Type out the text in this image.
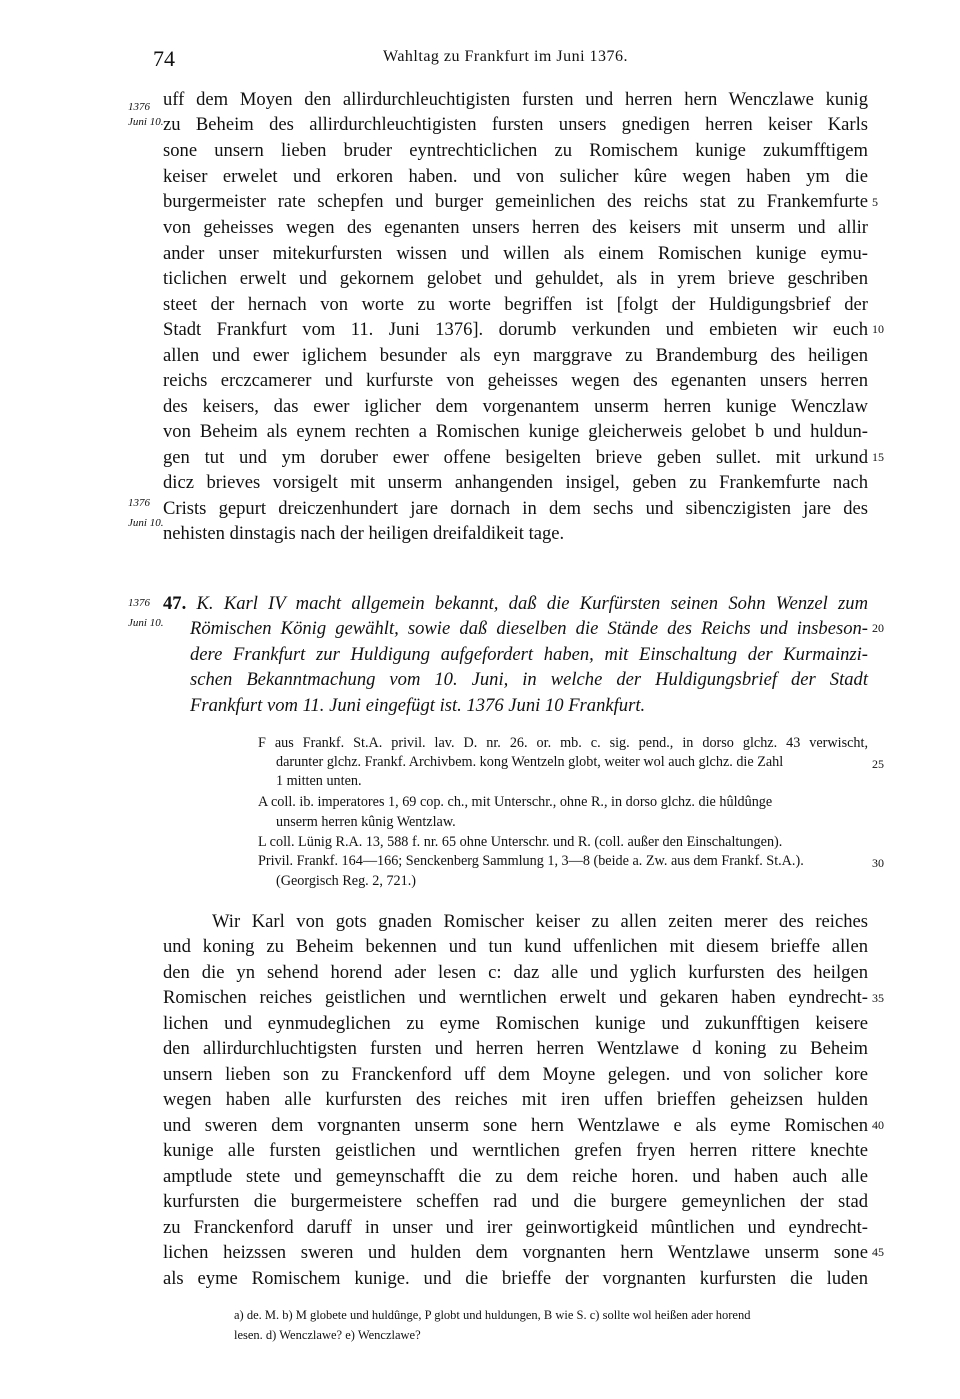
74	Wahltag zu Frankfurt im Juni 1376.
uff dem Moyen den allirdurchleuchtigisten fursten und herren hern Wenczlawe kunig
zu Beheim des allirdurchleuchtigisten fursten unsers gnedigen herren keiser Karls
sone unsern lieben bruder eyntrechticlichen zu Romischem kunige zukumfftigem
keiser erwelet und erkoren haben. und von sulicher kûre wegen haben ym die
burgermeister rate schepfen und burger gemeinlichen des reichs stat zu Frankemfurte
von geheisses wegen des egenanten unsers herren des keisers mit unserm und allir
ander unser mitekurfursten wissen und willen als einem Romischen kunige eymu-
ticlichen erwelt und gekornem gelobet und gehuldet, als in yrem brieve geschriben
steet der hernach von worte zu worte begriffen ist [folgt der Huldigungsbrief der
Stadt Frankfurt vom 11. Juni 1376]. dorumb verkunden und embieten wir euch
allen und ewer iglichem besunder als eyn marggrave zu Brandemburg des heiligen
reichs erczcamerer und kurfurste von geheisses wegen des egenanten unsers herren
des keisers, das ewer iglicher dem vorgenantem unserm herren kunige Wenczlaw
von Beheim als eynem rechten a Romischen kunige gleicherweis gelobet b und huldun-
gen tut und ym doruber ewer offene besigelten brieve geben sullet. mit urkund
dicz brieves vorsigelt mit unserm anhangenden insigel, geben zu Frankemfurte nach
Crists gepurt dreiczenhundert jare dornach in dem sechs und sibenczigisten jare des
nehisten dinstagis nach der heiligen dreifaldikeit tage.
1376
Juni 10.
1376
Juni 10.
1376
Juni 10.
47. K. Karl IV macht allgemein bekannt, daß die Kurfürsten seinen Sohn Wenzel zum
Römischen König gewählt, sowie daß dieselben die Stände des Reichs und insbeson-
dere Frankfurt zur Huldigung aufgefordert haben, mit Einschaltung der Kurmainzi-
schen Bekanntmachung vom 10. Juni, in welche der Huldigungsbrief der Stadt
Frankfurt vom 11. Juni eingefügt ist. 1376 Juni 10 Frankfurt.
F aus Frankf. St.A. privil. lav. D. nr. 26. or. mb. c. sig. pend., in dorso glchz. 43 verwischt,
darunter glchz. Frankf. Archivbem. kong Wentzeln globt, weiter wol auch glchz. die Zahl
1 mitten unten.
A coll. ib. imperatores 1, 69 cop. ch., mit Unterschr., ohne R., in dorso glchz. die hûldûnge
unserm herren kûnig Wentzlaw.
L coll. Lünig R.A. 13, 588 f. nr. 65 ohne Unterschr. und R. (coll. außer den Einschaltungen).
Privil. Frankf. 164—166; Senckenberg Sammlung 1, 3—8 (beide a. Zw. aus dem Frankf. St.A.).
(Georgisch Reg. 2, 721.)
Wir Karl von gots gnaden Romischer keiser zu allen zeiten merer des reiches
und koning zu Beheim bekennen und tun kund uffenlichen mit diesem brieffe allen
den die yn sehend horend ader lesen c: daz alle und yglich kurfursten des heilgen
Romischen reiches geistlichen und werntlichen erwelt und gekaren haben eyndrecht-
lichen und eynmudeglichen zu eyme Romischen kunige und zukunfftigen keisere
den allirdurchluchtigsten fursten und herren herren Wentzlawe d koning zu Beheim
unsern lieben son zu Franckenford uff dem Moyne gelegen. und von solicher kore
wegen haben alle kurfursten des reiches mit iren uffen brieffen geheizsen hulden
und sweren dem vorgnanten unserm sone hern Wentzlawe e als eyme Romischen
kunige alle fursten geistlichen und werntlichen grefen fryen herren rittere knechte
amptlude stete und gemeynschafft die zu dem reiche horen. und haben auch alle
kurfursten die burgermeistere scheffen rad und die burgere gemeynlichen der stad
zu Franckenford daruff in unser und irer geinwortigkeid mûntlichen und eyndrecht-
lichen heizssen sweren und hulden dem vorgnanten hern Wentzlawe unserm sone
als eyme Romischem kunige. und die brieffe der vorgnanten kurfursten die luden
5
10
15
20
25
30
35
40
45
a) de. M. b) M globete und huldûnge, P globt und huldungen, B wie S. c) sollte wol heißen ader horend
lesen. d) Wenczlawe? e) Wenczlawe?
